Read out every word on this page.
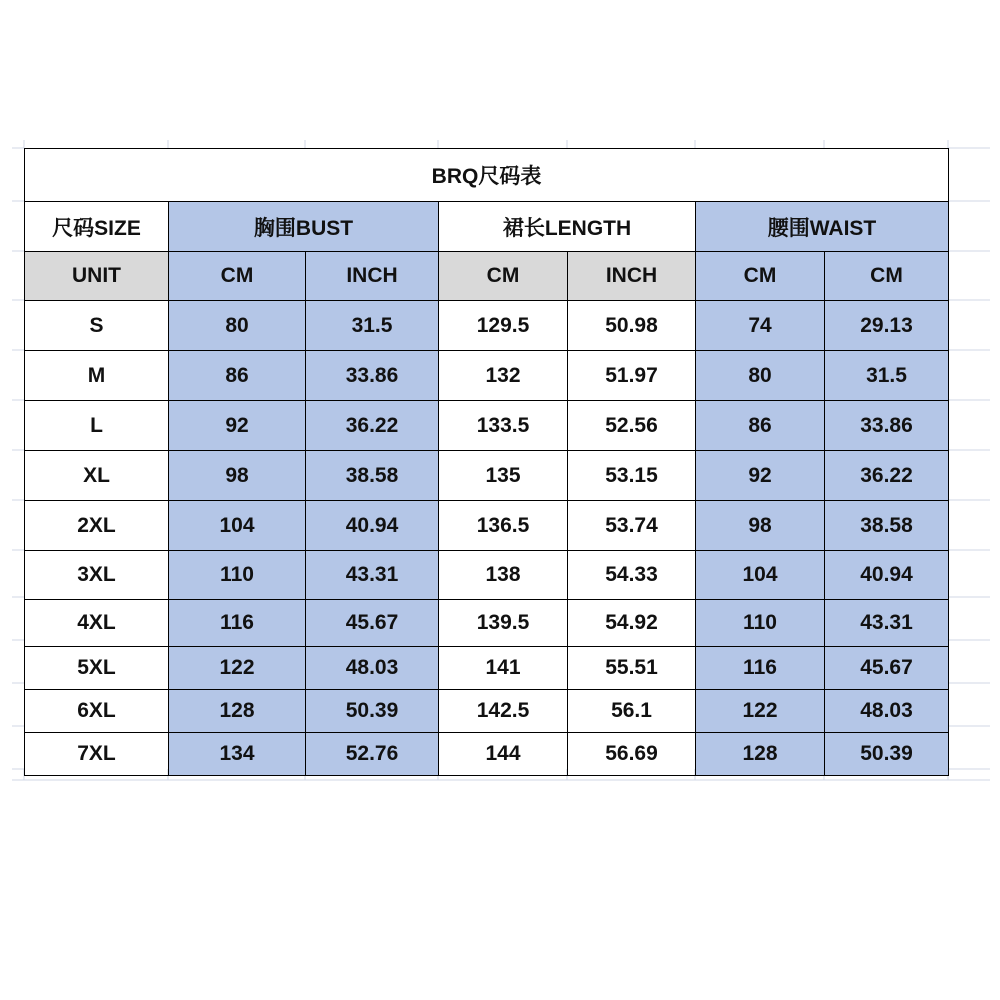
BRQ尺码表
尺码SIZE	胸围BUST	裙长LENGTH	腰围WAIST
UNIT	CM	INCH	CM	INCH	CM	CM
S	80	31.5	129.5	50.98	74	29.13
M	86	33.86	132	51.97	80	31.5
L	92	36.22	133.5	52.56	86	33.86
XL	98	38.58	135	53.15	92	36.22
2XL	104	40.94	136.5	53.74	98	38.58
3XL	110	43.31	138	54.33	104	40.94
4XL	116	45.67	139.5	54.92	110	43.31
5XL	122	48.03	141	55.51	116	45.67
6XL	128	50.39	142.5	56.1	122	48.03
7XL	134	52.76	144	56.69	128	50.39
